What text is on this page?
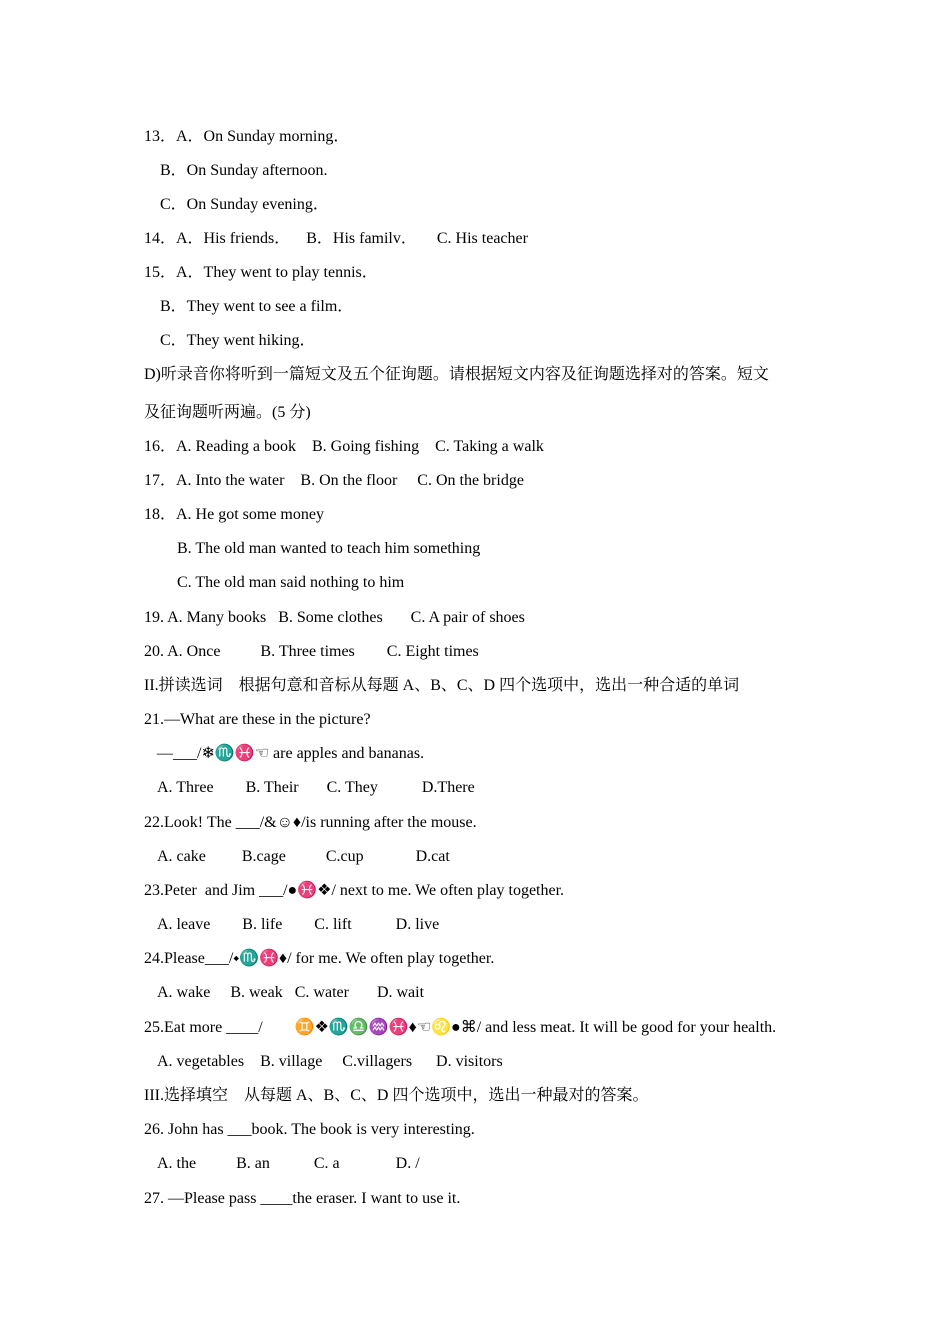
13．A．On Sunday morning．
B．On Sunday afternoon.
C．On Sunday evening．
14．A．His friends．    B．His familv．     C. His teacher
15．A．They went to play tennis．
B．They went to see a film．
C．They went hiking．
D)听录音你将听到一篇短文及五个征询题。请根据短文内容及征询题选择对的答案。短文
及征询题听两遍。(5 分)
16．A. Reading a book    B. Going fishing    C. Taking a walk
17．A. Into the water    B. On the floor     C. On the bridge
18．A. He got some money
B. The old man wanted to teach him something
C. The old man said nothing to him
19. A. Many books   B. Some clothes       C. A pair of shoes
20. A. Once          B. Three times        C. Eight times
II.拼读选词    根据句意和音标从每题 A、B、C、D 四个选项中，选出一种合适的单词
21.—What are these in the picture?
—___/❄♏♓☜ are apples and bananas.
A. Three        B. Their       C. They           D.There
22.Look! The ___/&☺♦/is running after the mouse.
A. cake         B.cage          C.cup             D.cat
23.Peter  and Jim ___/●♓❖/ next to me. We often play together.
A. leave        B. life        C. lift           D. live
24.Please___/⬩♏♓♦/ for me. We often play together.
A. wake     B. weak   C. water       D. wait
25.Eat more ____/        ♊❖♏♎♒♓♦☜♌●⌘/ and less meat. It will be good for your health.
A. vegetables    B. village     C.villagers      D. visitors
III.选择填空    从每题 A、B、C、D 四个选项中，选出一种最对的答案。
26. John has ___book. The book is very interesting.
A. the          B. an           C. a              D. /
27. —Please pass ____the eraser. I want to use it.
